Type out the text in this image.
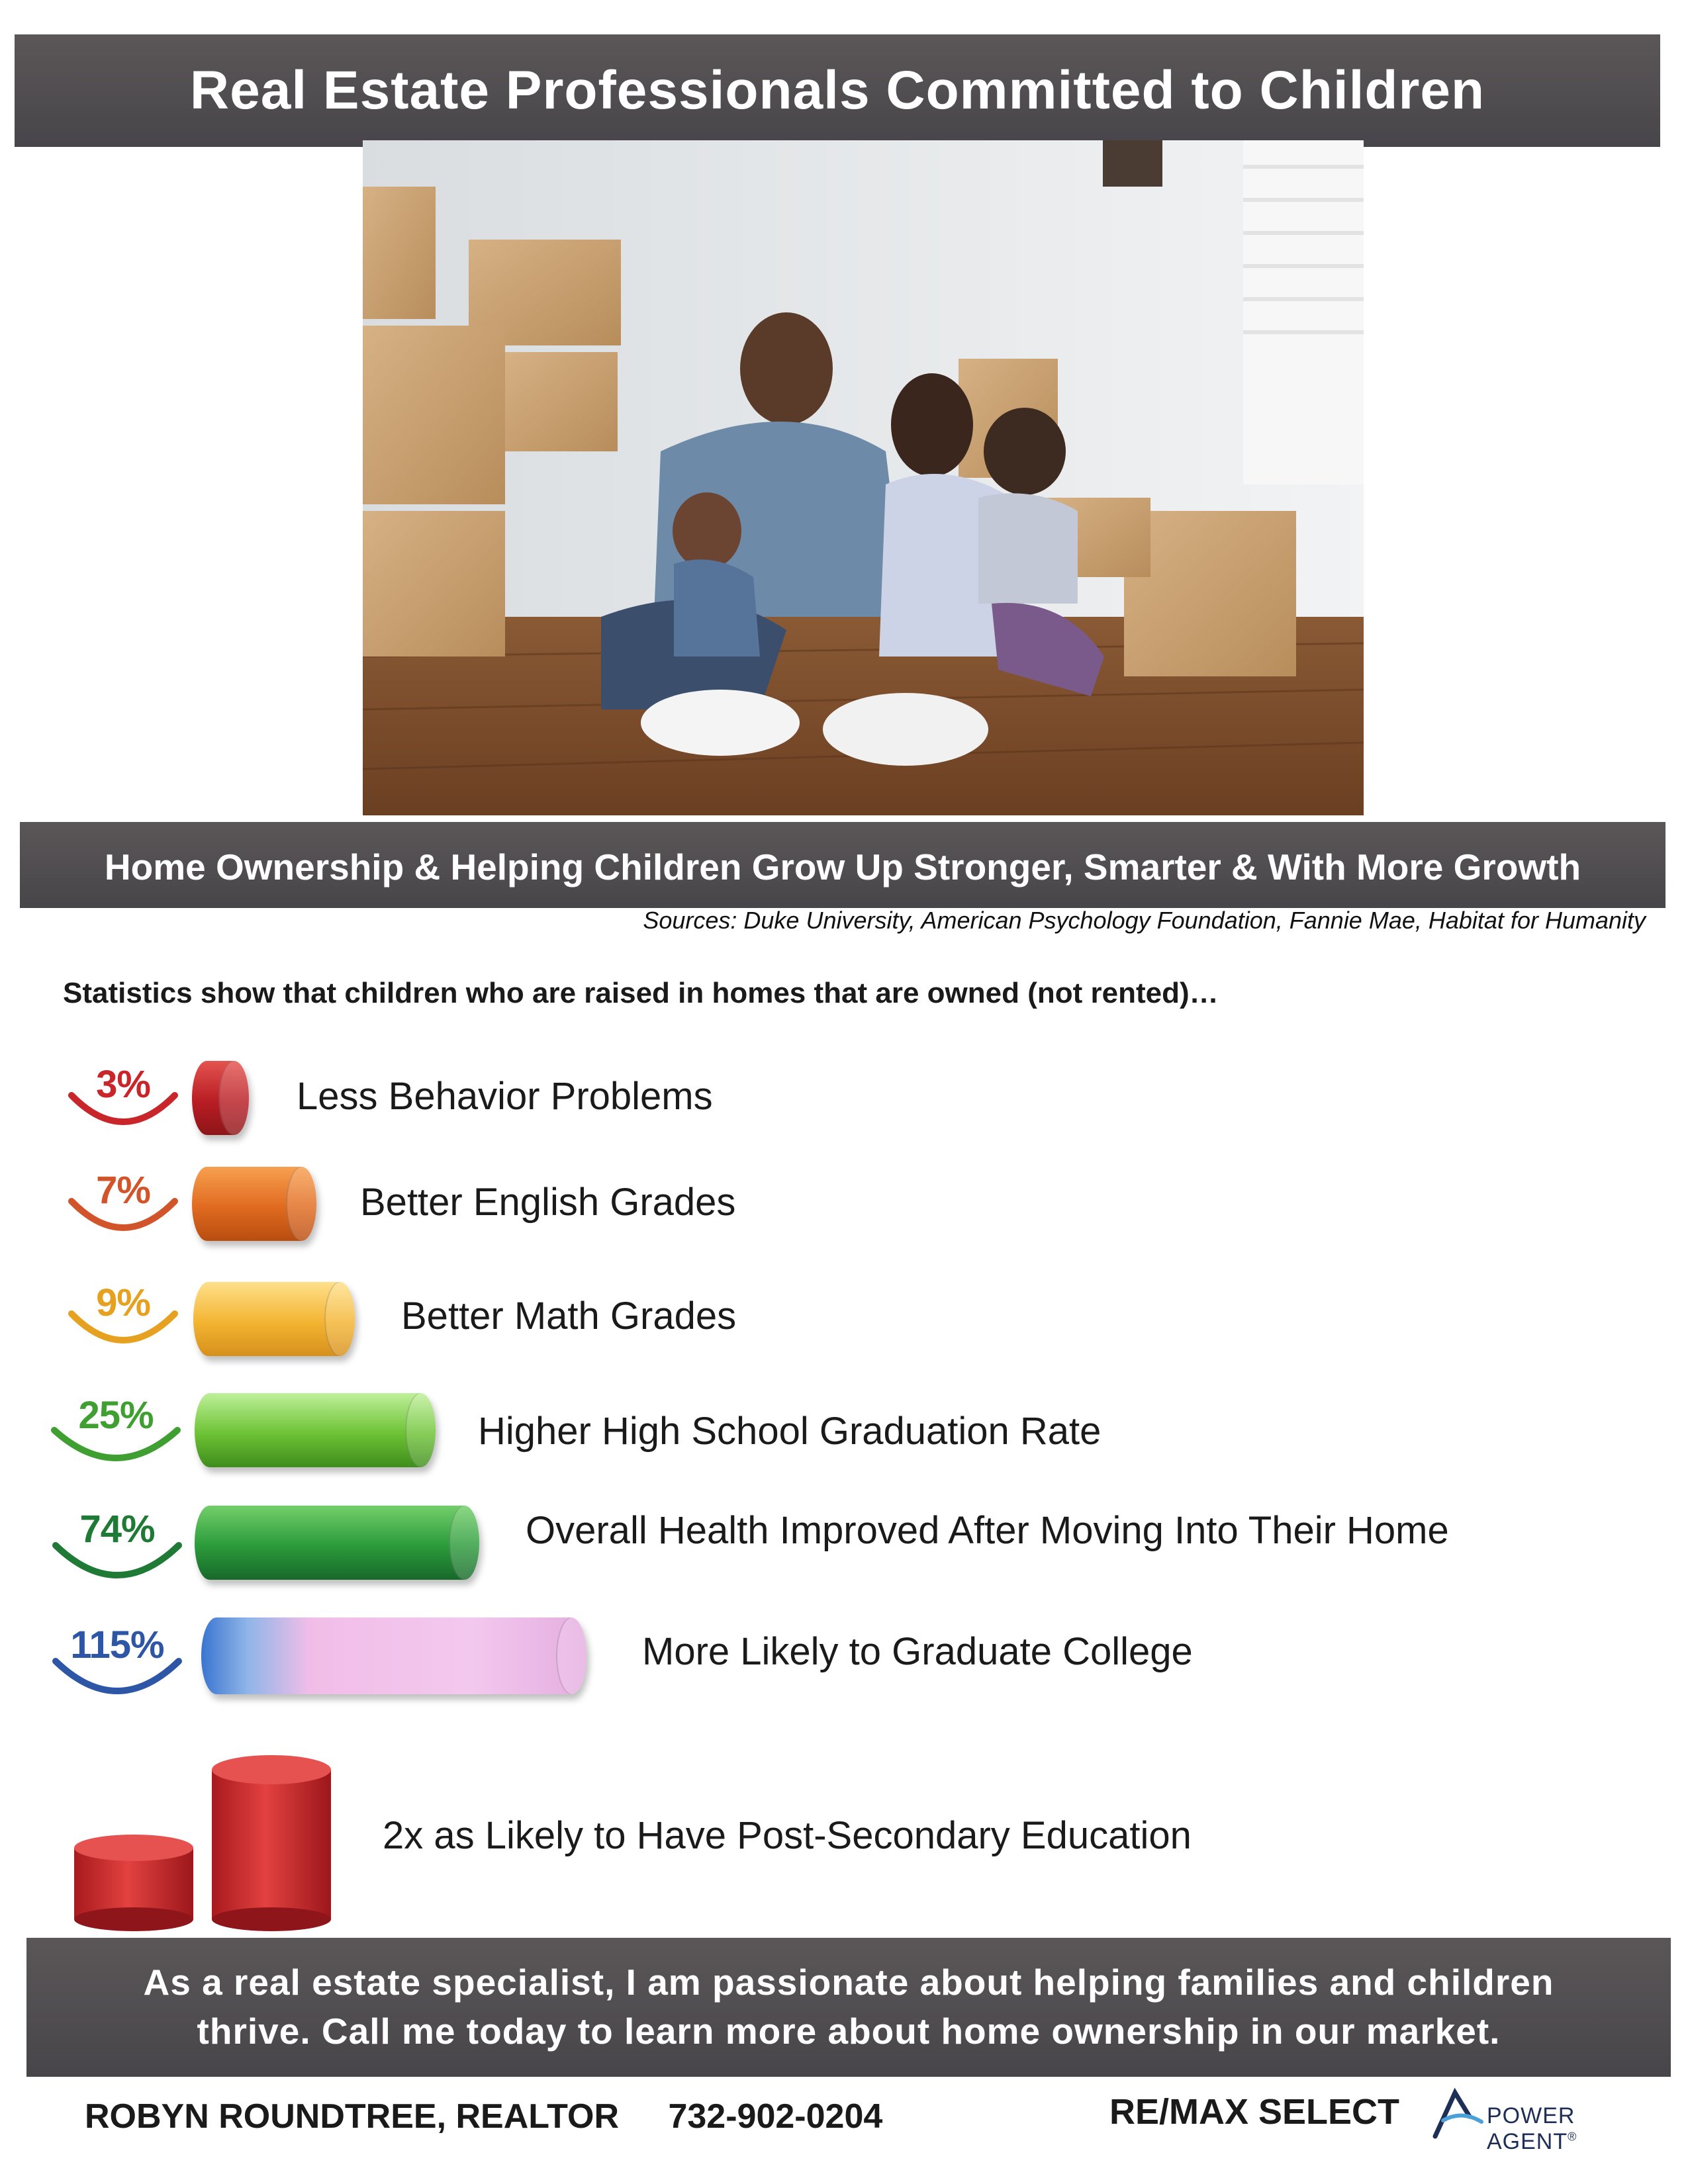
Real Estate Professionals Committed to Children
Home Ownership & Helping Children Grow Up Stronger, Smarter & With More Growth
Sources: Duke University, American Psychology Foundation, Fannie Mae, Habitat for Humanity
Statistics show that children who are raised in homes that are owned (not rented)…
3%	Less Behavior Problems
7%	Better English Grades
9%	Better Math Grades
25%	Higher High School Graduation Rate
74%	Overall Health Improved After Moving Into Their Home
115%	More Likely to Graduate College
2x as Likely to Have Post-Secondary Education
As a real estate specialist, I am passionate about helping families and children
thrive. Call me today to learn more about home ownership in our market.
ROBYN ROUNDTREE, REALTOR 732-902-0204	RE/MAX SELECT	POWER AGENT®
